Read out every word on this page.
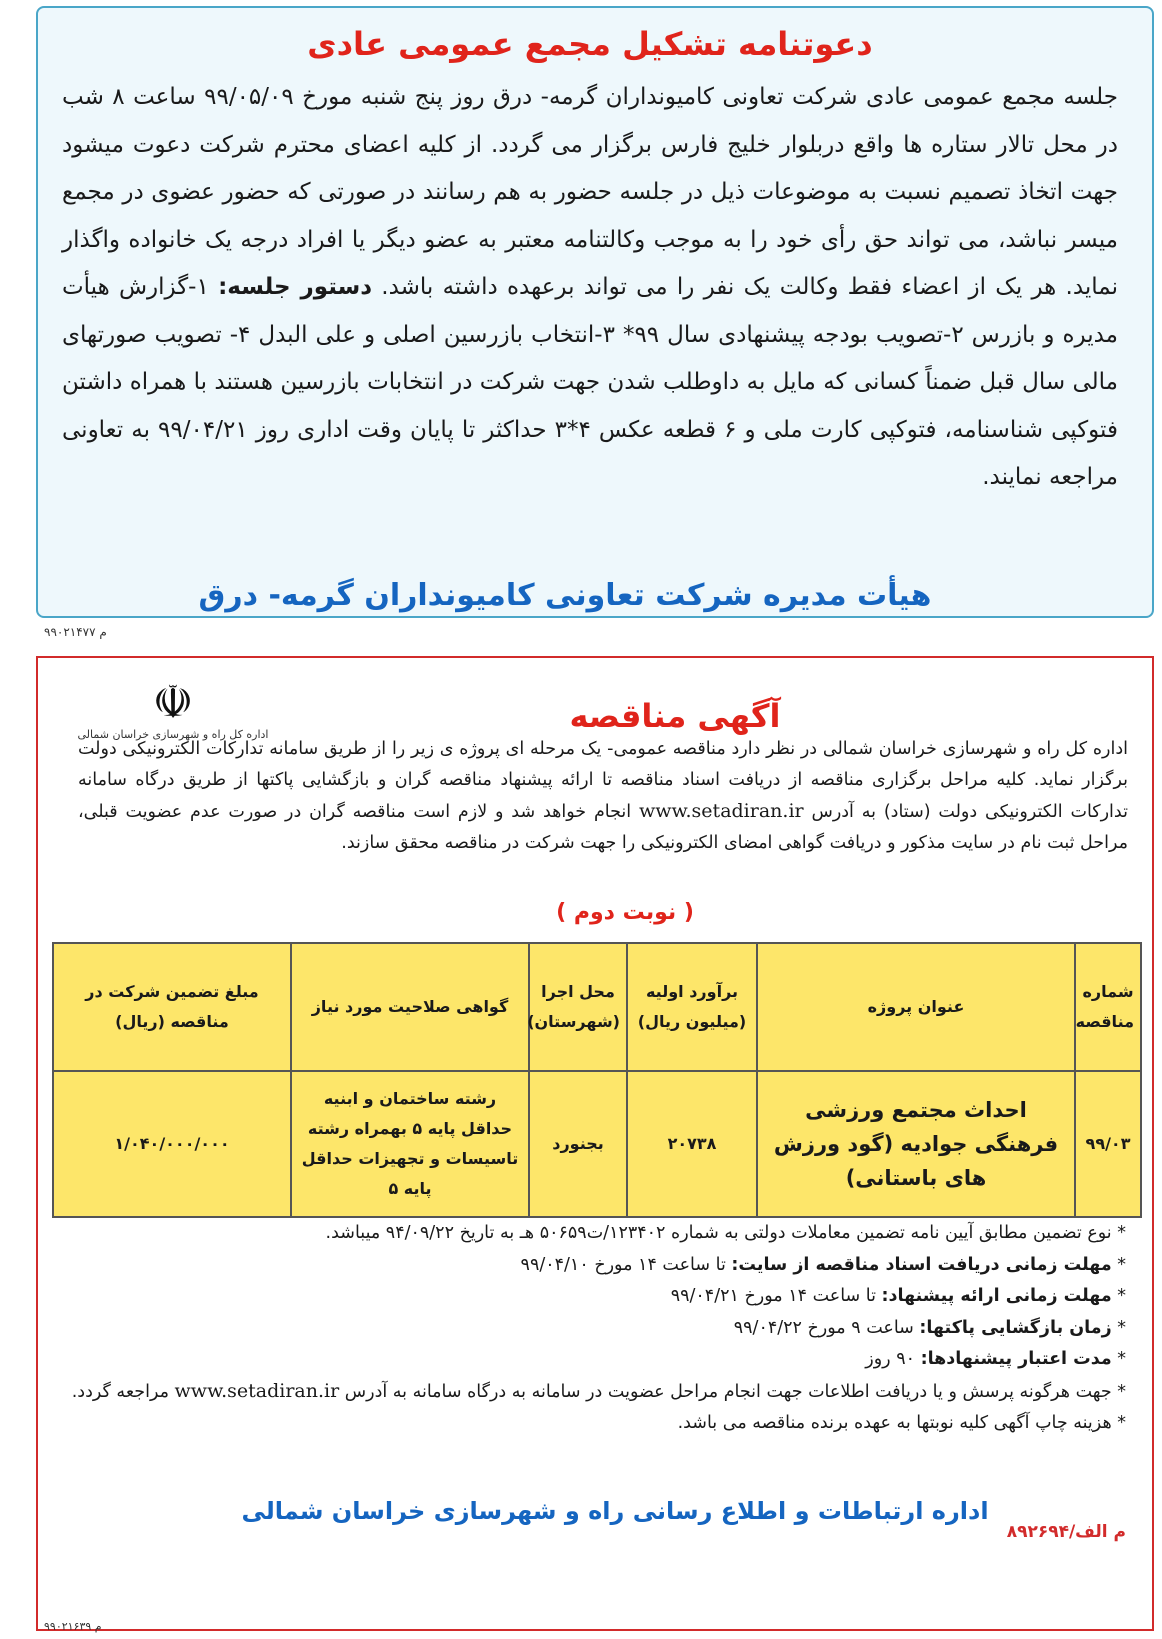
دعوتنامه تشکیل مجمع عمومی عادی

جلسه مجمع عمومی عادی شرکت تعاونی کامیونداران گرمه- درق روز پنج شنبه مورخ ۹۹/۰۵/۰۹ ساعت ۸ شب در محل تالار ستاره ها واقع دربلوار خلیج فارس برگزار می گردد. از کلیه اعضای محترم شرکت دعوت میشود جهت اتخاذ تصمیم نسبت به موضوعات ذیل در جلسه حضور به هم رسانند در صورتی که حضور عضوی در مجمع میسر نباشد، می تواند حق رأی خود را به موجب وکالتنامه معتبر به عضو دیگر یا افراد درجه یک خانواده واگذار نماید. هر یک از اعضاء فقط وکالت یک نفر را می تواند برعهده داشته باشد. دستور جلسه: ۱-گزارش هیأت مدیره و بازرس ۲-تصویب بودجه پیشنهادی سال ۹۹* ۳-انتخاب بازرسین اصلی و علی البدل ۴- تصویب صورتهای مالی سال قبل ضمناً کسانی که مایل به داوطلب شدن جهت شرکت در انتخابات بازرسین هستند با همراه داشتن فتوکپی شناسنامه، فتوکپی کارت ملی و ۶ قطعه عکس ۴*۳ حداکثر تا پایان وقت اداری روز ۹۹/۰۴/۲۱ به تعاونی مراجعه نمایند.

هیأت مدیره شرکت تعاونی کامیونداران گرمه- درق
۹۹۰۲۱۴۷۷ م
☫
اداره کل راه و شهرسازی خراسان شمالی	آگهی مناقصه

اداره کل راه و شهرسازی خراسان شمالی در نظر دارد مناقصه عمومی- یک مرحله ای پروژه ی زیر را از طریق سامانه تدارکات الکترونیکی دولت برگزار نماید. کلیه مراحل برگزاری مناقصه از دریافت اسناد مناقصه تا ارائه پیشنهاد مناقصه گران و بازگشایی پاکتها از طریق درگاه سامانه تدارکات الکترونیکی دولت (ستاد) به آدرس www.setadiran.ir انجام خواهد شد و لازم است مناقصه گران در صورت عدم عضویت قبلی، مراحل ثبت نام در سایت مذکور و دریافت گواهی امضای الکترونیکی را جهت شرکت در مناقصه محقق سازند.

( نوبت دوم )
شماره مناقصه	عنوان پروژه	برآورد اولیه (میلیون ریال)	محل اجرا (شهرستان)	گواهی صلاحیت مورد نیاز	مبلغ تضمین شرکت در مناقصه (ریال)
۹۹/۰۳	احداث مجتمع ورزشی فرهنگی جوادیه (گود ورزش های باستانی)	۲۰۷۳۸	بجنورد	رشته ساختمان و ابنیه حداقل پایه ۵ بهمراه رشته تاسیسات و تجهیزات حداقل پایه ۵	۱/۰۴۰/۰۰۰/۰۰۰

* نوع تضمین مطابق آیین نامه تضمین معاملات دولتی به شماره ۱۲۳۴۰۲/ت۵۰۶۵۹ هـ به تاریخ ۹۴/۰۹/۲۲ میباشد.

* مهلت زمانی دریافت اسناد مناقصه از سایت: تا ساعت ۱۴ مورخ ۹۹/۰۴/۱۰

* مهلت زمانی ارائه پیشنهاد: تا ساعت ۱۴ مورخ ۹۹/۰۴/۲۱

* زمان بازگشایی پاکتها: ساعت ۹ مورخ ۹۹/۰۴/۲۲

* مدت اعتبار پیشنهادها: ۹۰ روز

* جهت هرگونه پرسش و یا دریافت اطلاعات جهت انجام مراحل عضویت در سامانه به درگاه سامانه به آدرس www.setadiran.ir مراجعه گردد. * هزینه چاپ آگهی کلیه نوبتها به عهده برنده مناقصه می باشد.

اداره ارتباطات و اطلاع رسانی راه و شهرسازی خراسان شمالی
م الف/۸۹۲۶۹۴
۹۹۰۲۱۶۳۹ م
